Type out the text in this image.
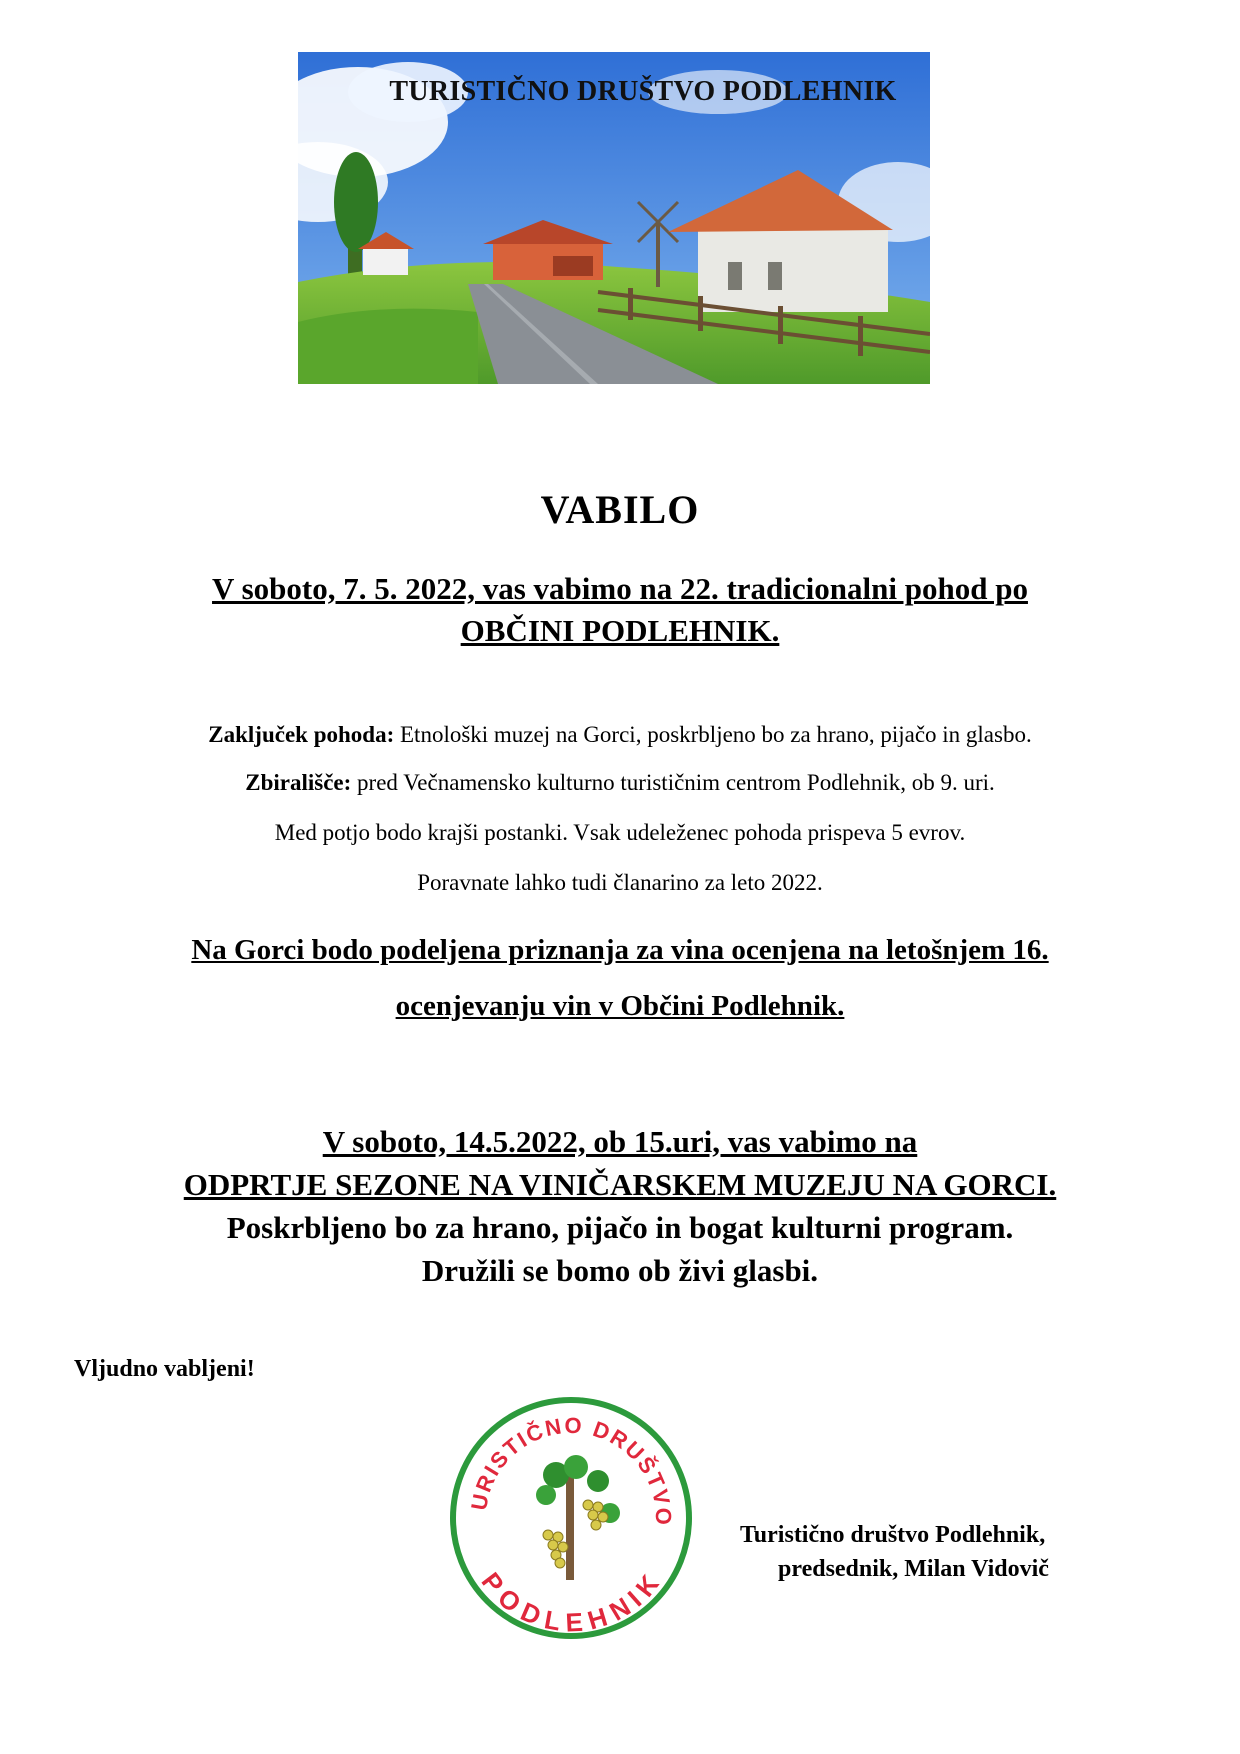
TURISTIČNO DRUŠTVO PODLEHNIK
VABILO
V soboto, 7. 5. 2022, vas vabimo na 22. tradicionalni pohod po
OBČINI PODLEHNIK.
Zaključek pohoda: Etnološki muzej na Gorci, poskrbljeno bo za hrano, pijačo in glasbo.
Zbirališče: pred Večnamensko kulturno turističnim centrom Podlehnik, ob 9. uri.
Med potjo bodo krajši postanki. Vsak udeleženec pohoda prispeva 5 evrov.
Poravnate lahko tudi članarino za leto 2022.
Na Gorci bodo podeljena priznanja za vina ocenjena na letošnjem 16.
ocenjevanju vin v Občini Podlehnik.
V soboto, 14.5.2022, ob 15.uri, vas vabimo na
ODPRTJE SEZONE NA VINIČARSKEM MUZEJU NA GORCI.
Poskrbljeno bo za hrano, pijačo in bogat kulturni program.
Družili se bomo ob živi glasbi.
Vljudno vabljeni!
URISTIČNO DRUŠTVO
PODLEHNIK
Turistično društvo Podlehnik,
predsednik, Milan Vidovič
